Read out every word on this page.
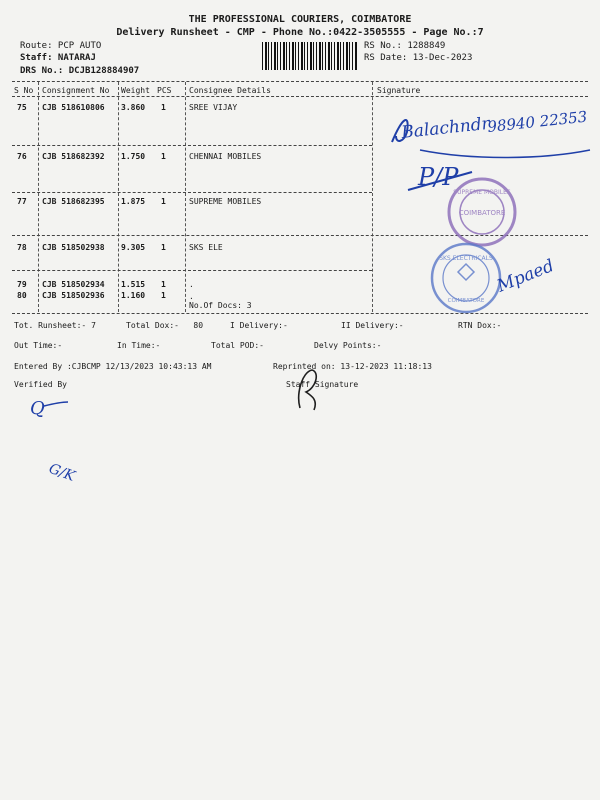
THE PROFESSIONAL COURIERS, COIMBATORE
Delivery Runsheet - CMP - Phone No.:0422-3505555 - Page No.:7
Route: PCP AUTO
Staff: NATARAJ
DRS No.: DCJB128884907
RS No.: 1288849
RS Date: 13-Dec-2023
S No Consignment No Weight PCS Consignee Details	Signature
75 CJB 518610806 3.860 1	SREE VIJAY
76 CJB 518682392 1.750 1	CHENNAI MOBILES
77 CJB 518682395 1.875 1	SUPREME MOBILES
78 CJB 518502938 9.305 1	SKS ELE
79 CJB 518502934 1.515 1	.
80 CJB 518502936 1.160 1	.
No.Of Docs: 3
Tot. Runsheet:- 7	Total Dox:-   80	I Delivery:-	II Delivery:-	RTN Dox:-
Out Time:-	In Time:-	Total POD:-	Delvy Points:-
Entered By :CJBCMP 12/13/2023 10:43:13 AM	Reprinted on: 13-12-2023 11:18:13
Verified By	Staff Signature
Balachndr
98940 22353
P/P
SUPREME MOBILES
COIMBATORE
SKS ELECTRICALS
COIMBATORE
Mpaed
Q
G/K
